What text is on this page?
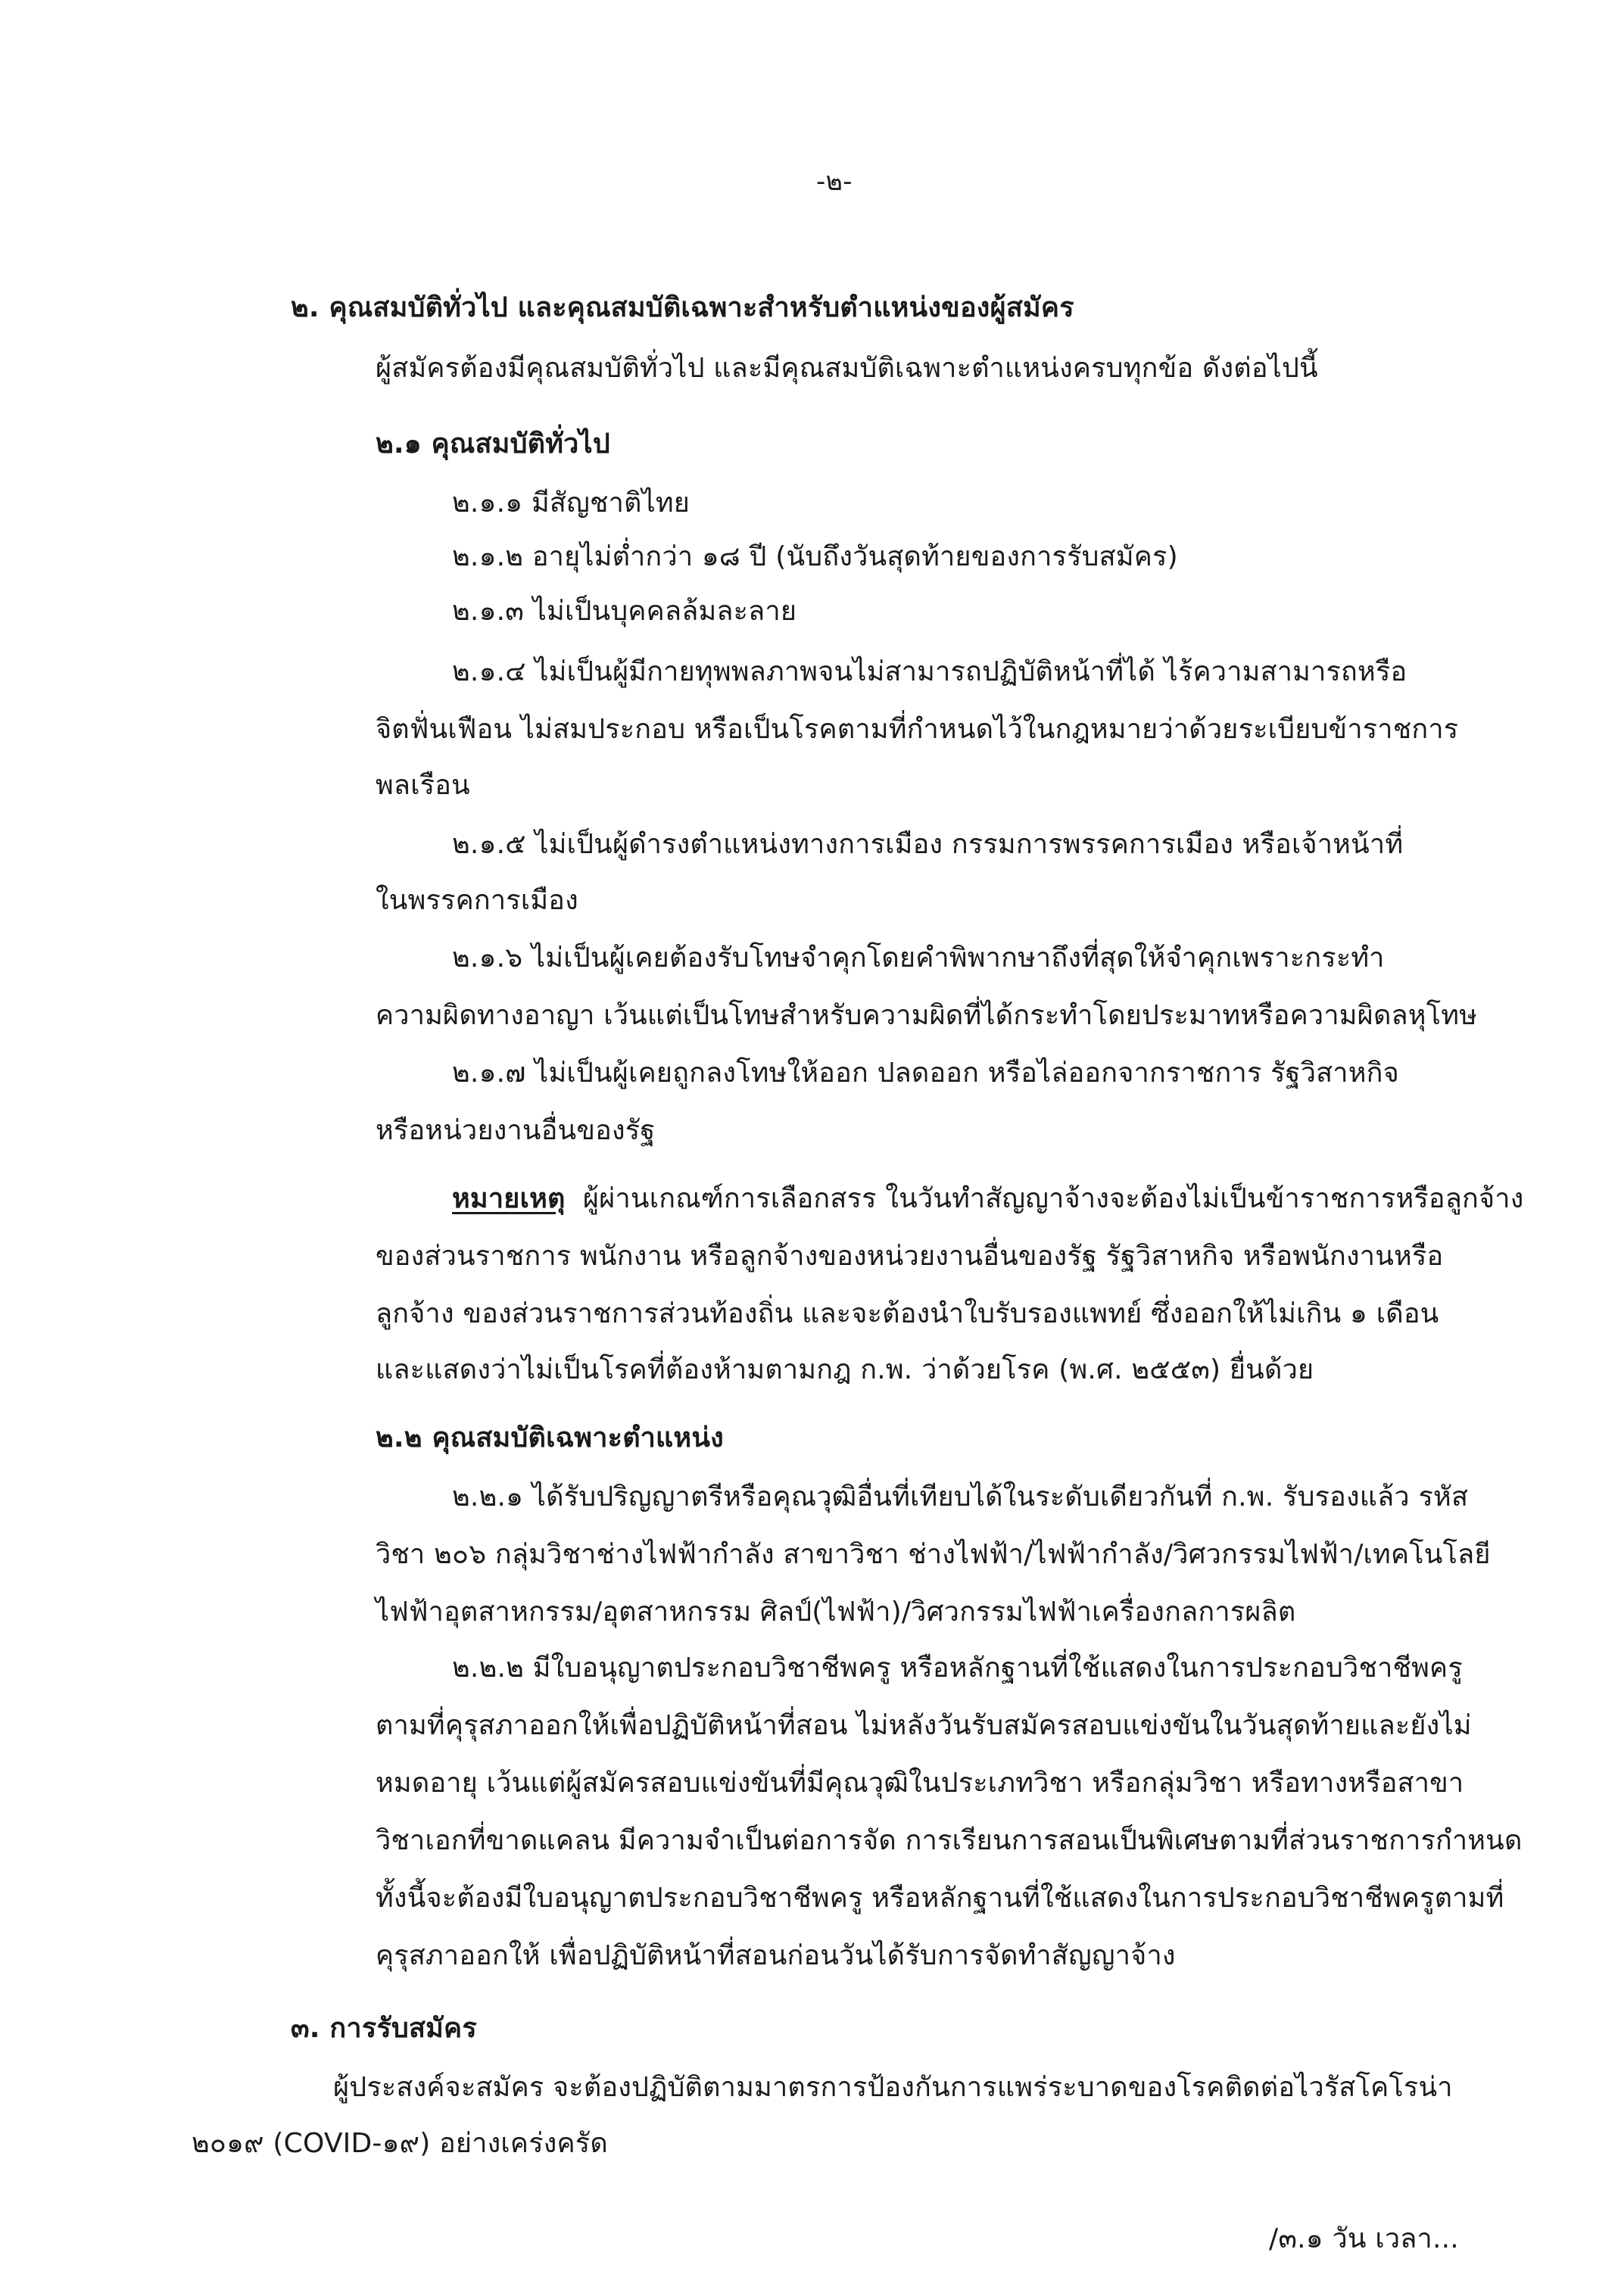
-๒-
๒. คุณสมบัติทั่วไป และคุณสมบัติเฉพาะสำหรับตำแหน่งของผู้สมัคร
ผู้สมัครต้องมีคุณสมบัติทั่วไป และมีคุณสมบัติเฉพาะตำแหน่งครบทุกข้อ ดังต่อไปนี้
๒.๑ คุณสมบัติทั่วไป
๒.๑.๑ มีสัญชาติไทย
๒.๑.๒ อายุไม่ต่ำกว่า ๑๘ ปี (นับถึงวันสุดท้ายของการรับสมัคร)
๒.๑.๓ ไม่เป็นบุคคลล้มละลาย
๒.๑.๔ ไม่เป็นผู้มีกายทุพพลภาพจนไม่สามารถปฏิบัติหน้าที่ได้ ไร้ความสามารถหรือ
จิตฟั่นเฟือน ไม่สมประกอบ หรือเป็นโรคตามที่กำหนดไว้ในกฎหมายว่าด้วยระเบียบข้าราชการ
พลเรือน
๒.๑.๕ ไม่เป็นผู้ดำรงตำแหน่งทางการเมือง กรรมการพรรคการเมือง หรือเจ้าหน้าที่
ในพรรคการเมือง
๒.๑.๖ ไม่เป็นผู้เคยต้องรับโทษจำคุกโดยคำพิพากษาถึงที่สุดให้จำคุกเพราะกระทำ
ความผิดทางอาญา เว้นแต่เป็นโทษสำหรับความผิดที่ได้กระทำโดยประมาทหรือความผิดลหุโทษ
๒.๑.๗ ไม่เป็นผู้เคยถูกลงโทษให้ออก ปลดออก หรือไล่ออกจากราชการ รัฐวิสาหกิจ
หรือหน่วยงานอื่นของรัฐ
หมายเหตุ ผู้ผ่านเกณฑ์การเลือกสรร ในวันทำสัญญาจ้างจะต้องไม่เป็นข้าราชการหรือลูกจ้าง
ของส่วนราชการ พนักงาน หรือลูกจ้างของหน่วยงานอื่นของรัฐ รัฐวิสาหกิจ หรือพนักงานหรือ
ลูกจ้าง ของส่วนราชการส่วนท้องถิ่น และจะต้องนำใบรับรองแพทย์ ซึ่งออกให้ไม่เกิน ๑ เดือน
และแสดงว่าไม่เป็นโรคที่ต้องห้ามตามกฎ ก.พ. ว่าด้วยโรค (พ.ศ. ๒๕๕๓) ยื่นด้วย
๒.๒ คุณสมบัติเฉพาะตำแหน่ง
๒.๒.๑ ได้รับปริญญาตรีหรือคุณวุฒิอื่นที่เทียบได้ในระดับเดียวกันที่ ก.พ. รับรองแล้ว รหัส
วิชา ๒๐๖ กลุ่มวิชาช่างไฟฟ้ากำลัง สาขาวิชา ช่างไฟฟ้า/ไฟฟ้ากำลัง/วิศวกรรมไฟฟ้า/เทคโนโลยี
ไฟฟ้าอุตสาหกรรม/อุตสาหกรรม ศิลป์(ไฟฟ้า)/วิศวกรรมไฟฟ้าเครื่องกลการผลิต
๒.๒.๒ มีใบอนุญาตประกอบวิชาชีพครู หรือหลักฐานที่ใช้แสดงในการประกอบวิชาชีพครู
ตามที่คุรุสภาออกให้เพื่อปฏิบัติหน้าที่สอน ไม่หลังวันรับสมัครสอบแข่งขันในวันสุดท้ายและยังไม่
หมดอายุ เว้นแต่ผู้สมัครสอบแข่งขันที่มีคุณวุฒิในประเภทวิชา หรือกลุ่มวิชา หรือทางหรือสาขา
วิชาเอกที่ขาดแคลน มีความจำเป็นต่อการจัด การเรียนการสอนเป็นพิเศษตามที่ส่วนราชการกำหนด
ทั้งนี้จะต้องมีใบอนุญาตประกอบวิชาชีพครู หรือหลักฐานที่ใช้แสดงในการประกอบวิชาชีพครูตามที่
คุรุสภาออกให้ เพื่อปฏิบัติหน้าที่สอนก่อนวันได้รับการจัดทำสัญญาจ้าง
๓. การรับสมัคร
ผู้ประสงค์จะสมัคร จะต้องปฏิบัติตามมาตรการป้องกันการแพร่ระบาดของโรคติดต่อไวรัสโคโรน่า
๒๐๑๙ (COVID-๑๙) อย่างเคร่งครัด
/๓.๑ วัน เวลา...
